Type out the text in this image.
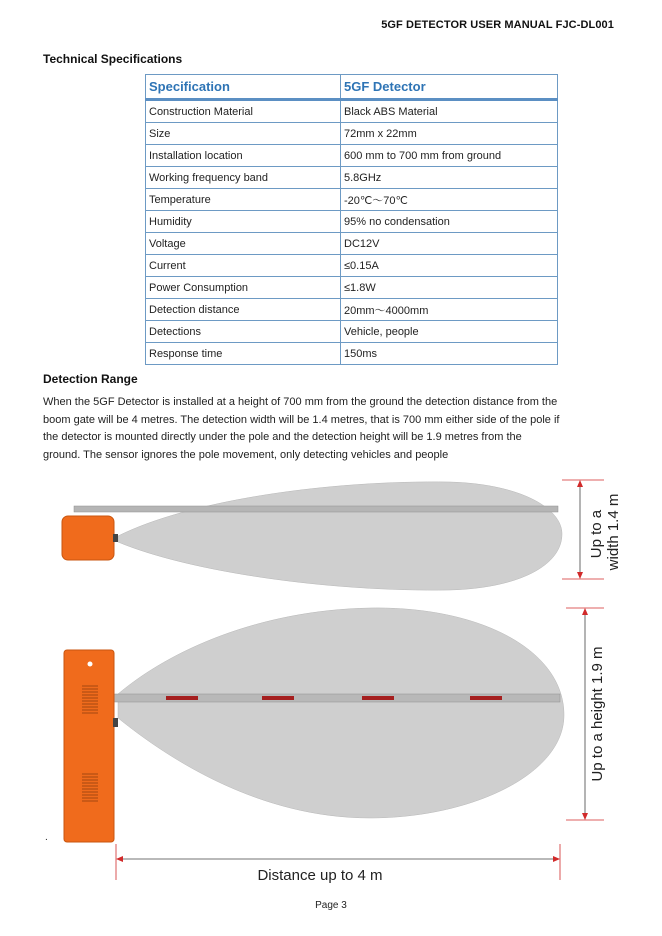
5GF DETECTOR USER MANUAL FJC-DL001
Technical Specifications
Specification	5GF Detector
Construction Material	Black ABS Material
Size	72mm x 22mm
Installation location	600 mm to 700 mm from ground
Working frequency band	5.8GHz
Temperature	-20℃～70℃
Humidity	95% no condensation
Voltage	DC12V
Current	≤0.15A
Power Consumption	≤1.8W
Detection distance	20mm～4000mm
Detections	Vehicle, people
Response time	150ms
Detection Range
When the 5GF Detector is installed at a height of 700 mm from the ground the detection distance from the
boom gate will be 4 metres. The detection width will be 1.4 metres, that is 700 mm either side of the pole if
the detector is mounted directly under the pole and the detection height will be 1.9 metres from the
ground. The sensor ignores the pole movement, only detecting vehicles and people
Up to a width 1.4 m
Up to a height 1.9 m
Distance up to 4 m
.
Page 3
